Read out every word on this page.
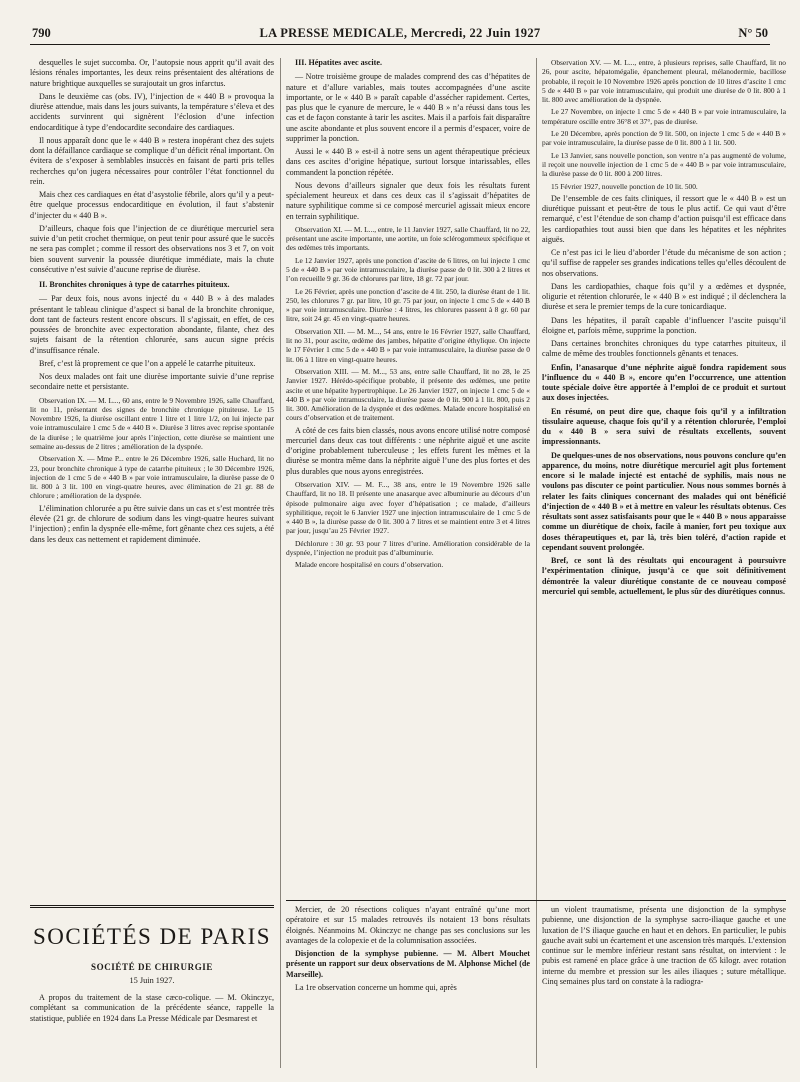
790	LA PRESSE MEDICALE, Mercredi, 22 Juin 1927	N° 50

desquelles le sujet succomba. Or, l’autopsie nous apprit qu’il avait des lésions rénales importantes, les deux reins présentaient des altérations de nature brightique auxquelles se surajoutait un gros infarctus.

Dans le deuxième cas (obs. IV), l’injection de « 440 B » provoqua la diurèse attendue, mais dans les jours suivants, la température s’éleva et des accidents survinrent qui signèrent l’éclosion d’une infection endocarditique à type d’endocardite secondaire des cardiaques.

Il nous apparaît donc que le « 440 B » restera inopérant chez des sujets dont la défaillance cardiaque se complique d’un déficit rénal important. On évitera de s’exposer à semblables insuccès en faisant de parti pris telles recherches qu’on jugera nécessaires pour contrôler l’état fonctionnel du rein.

Mais chez ces cardiaques en état d’asystolie fébrile, alors qu’il y a peut-être quelque processus endocarditique en évolution, il faut s’abstenir d’injecter du « 440 B ».

D’ailleurs, chaque fois que l’injection de ce diurétique mercuriel sera suivie d’un petit crochet thermique, on peut tenir pour assuré que le succès ne sera pas complet ; comme il ressort des observations nos 3 et 7, on voit bien souvent survenir la poussée diurétique immédiate, mais la chute consécutive n’est suivie d’aucune reprise de diurèse.

II. Bronchites chroniques à type de catarrhes pituiteux.

— Par deux fois, nous avons injecté du « 440 B » à des malades présentant le tableau clinique d’aspect si banal de la bronchite chronique, dont tant de facteurs restent encore obscurs. Il s’agissait, en effet, de ces poussées de bronchite avec expectoration abondante, filante, chez des sujets faisant de la rétention chlorurée, sans aucun signe précis d’insuffisance rénale.

Bref, c’est là proprement ce que l’on a appelé le catarrhe pituiteux.

Nos deux malades ont fait une diurèse importante suivie d’une reprise secondaire nette et persistante.

Observation IX. — M. L..., 60 ans, entre le 9 Novembre 1926, salle Chauffard, lit no 11, présentant des signes de bronchite chronique pituiteuse. Le 15 Novembre 1926, la diurèse oscillant entre 1 litre et 1 litre 1/2, on lui injecte par voie intramusculaire 1 cmc 5 de « 440 B ». Diurèse 3 litres avec reprise spontanée de la diurèse ; le quatrième jour après l’injection, cette diurèse se maintient une semaine au-dessus de 2 litres ; amélioration de la dyspnée.

Observation X. — Mme P... entre le 26 Décembre 1926, salle Huchard, lit no 23, pour bronchite chronique à type de catarrhe pituiteux ; le 30 Décembre 1926, injection de 1 cmc 5 de « 440 B » par voie intramusculaire, la diurèse passe de 0 lit. 800 à 3 lit. 100 en vingt-quatre heures, avec élimination de 21 gr. 88 de chlorure ; amélioration de la dyspnée.

L’élimination chlorurée a pu être suivie dans un cas et s’est montrée très élevée (21 gr. de chlorure de sodium dans les vingt-quatre heures suivant l’injection) ; enfin la dyspnée elle-même, fort gênante chez ces sujets, a été dans les deux cas nettement et rapidement diminuée.

III. Hépatites avec ascite.

— Notre troisième groupe de malades comprend des cas d’hépatites de nature et d’allure variables, mais toutes accompagnées d’une ascite importante, or le « 440 B » paraît capable d’assécher rapidement. Certes, pas plus que le cyanure de mercure, le « 440 B » n’a réussi dans tous les cas et de façon constante à tarir les ascites. Mais il a parfois fait disparaître une ascite abondante et plus souvent encore il a permis d’espacer, voire de supprimer la ponction.

Aussi le « 440 B » est-il à notre sens un agent thérapeutique précieux dans ces ascites d’origine hépatique, surtout lorsque intarissables, elles commandent la ponction répétée.

Nous devons d’ailleurs signaler que deux fois les résultats furent spécialement heureux et dans ces deux cas il s’agissait d’hépatites de nature syphilitique comme si ce composé mercuriel agissait mieux encore en terrain syphilitique.

Observation XI. — M. L..., entre, le 11 Janvier 1927, salle Chauffard, lit no 22, présentant une ascite importante, une aortite, un foie sclérogommeux spécifique et des œdèmes très importants.

Le 12 Janvier 1927, après une ponction d’ascite de 6 litres, on lui injecte 1 cmc 5 de « 440 B » par voie intramusculaire, la diurèse passe de 0 lit. 300 à 2 litres et l’on recueille 9 gr. 36 de chlorures par litre, 18 gr. 72 par jour.

Le 26 Février, après une ponction d’ascite de 4 lit. 250, la diurèse étant de 1 lit. 250, les chlorures 7 gr. par litre, 10 gr. 75 par jour, on injecte 1 cmc 5 de « 440 B » par voie intramusculaire. Diurèse : 4 litres, les chlorures passent à 8 gr. 60 par litre, soit 24 gr. 45 en vingt-quatre heures.

Observation XII. — M. M..., 54 ans, entre le 16 Février 1927, salle Chauffard, lit no 31, pour ascite, œdème des jambes, hépatite d’origine éthylique. On injecte le 17 Février 1 cmc 5 de « 440 B » par voie intramusculaire, la diurèse passe de 0 lit. 06 à 1 litre en vingt-quatre heures.

Observation XIII. — M. M..., 53 ans, entre salle Chauffard, lit no 28, le 25 Janvier 1927. Hérédo-spécifique probable, il présente des œdèmes, une petite ascite et une hépatite hypertrophique. Le 26 Janvier 1927, on injecte 1 cmc 5 de « 440 B » par voie intramusculaire, la diurèse passe de 0 lit. 900 à 1 lit. 800, puis 2 lit. 300. Amélioration de la dyspnée et des œdèmes. Malade encore hospitalisé en cours d’observation et de traitement.

A côté de ces faits bien classés, nous avons encore utilisé notre composé mercuriel dans deux cas tout différents : une néphrite aiguë et une ascite d’origine probablement tuberculeuse ; les effets furent les mêmes et la diurèse se montra même dans la néphrite aiguë l’une des plus fortes et des plus durables que nous ayons enregistrées.

Observation XIV. — M. F..., 38 ans, entre le 19 Novembre 1926 salle Chauffard, lit no 18. Il présente une anasarque avec albuminurie au décours d’un épisode pulmonaire aigu avec foyer d’hépatisation ; ce malade, d’ailleurs syphilitique, reçoit le 6 Janvier 1927 une injection intramusculaire de 1 cmc 5 de « 440 B », la diurèse passe de 0 lit. 300 à 7 litres et se maintient entre 3 et 4 litres par jour, jusqu’au 25 Février 1927.

Déchlorure : 30 gr. 93 pour 7 litres d’urine. Amélioration considérable de la dyspnée, l’injection ne produit pas d’albuminurie.

Malade encore hospitalisé en cours d’observation.

Observation XV. — M. L..., entre, à plusieurs reprises, salle Chauffard, lit no 26, pour ascite, hépatomégalie, épanchement pleural, mélanodermie, bacillose probable, il reçoit le 10 Novembre 1926 après ponction de 10 litres d’ascite 1 cmc 5 de « 440 B » par voie intramusculaire, qui produit une diurèse de 0 lit. 800 à 1 lit. 800 avec amélioration de la dyspnée.

Le 27 Novembre, on injecte 1 cmc 5 de « 440 B » par voie intramusculaire, la température oscille entre 36°8 et 37°, pas de diurèse.

Le 20 Décembre, après ponction de 9 lit. 500, on injecte 1 cmc 5 de « 440 B » par voie intramusculaire, la diurèse passe de 0 lit. 800 à 1 lit. 500.

Le 13 Janvier, sans nouvelle ponction, son ventre n’a pas augmenté de volume, il reçoit une nouvelle injection de 1 cmc 5 de « 440 B » par voie intramusculaire, la diurèse passe de 0 lit. 800 à 200 litres.

15 Février 1927, nouvelle ponction de 10 lit. 500.

De l’ensemble de ces faits cliniques, il ressort que le « 440 B » est un diurétique puissant et peut-être de tous le plus actif. Ce qui vaut d’être remarqué, c’est l’étendue de son champ d’action puisqu’il est efficace dans les cardiopathies tout aussi bien que dans les hépatites et les néphrites aiguës.

Ce n’est pas ici le lieu d’aborder l’étude du mécanisme de son action ; qu’il suffise de rappeler ses grandes indications telles qu’elles découlent de nos observations.

Dans les cardiopathies, chaque fois qu’il y a œdèmes et dyspnée, oligurie et rétention chlorurée, le « 440 B » est indiqué ; il déclenchera la diurèse et sera le premier temps de la cure tonicardiaque.

Dans les hépatites, il paraît capable d’influencer l’ascite puisqu’il éloigne et, parfois même, supprime la ponction.

Dans certaines bronchites chroniques du type catarrhes pituiteux, il calme de même des troubles fonctionnels gênants et tenaces.

Enfin, l’anasarque d’une néphrite aiguë fondra rapidement sous l’influence du « 440 B », encore qu’en l’occurrence, une attention toute spéciale doive être apportée à l’emploi de ce produit et surtout aux doses injectées.

En résumé, on peut dire que, chaque fois qu’il y a infiltration tissulaire aqueuse, chaque fois qu’il y a rétention chlorurée, l’emploi du « 440 B » sera suivi de résultats excellents, souvent impressionnants.

De quelques-unes de nos observations, nous pouvons conclure qu’en apparence, du moins, notre diurétique mercuriel agit plus fortement encore si le malade injecté est entaché de syphilis, mais nous ne voulons pas discuter ce point particulier. Nous nous sommes bornés à relater les faits cliniques concernant des malades qui ont bénéficié d’injection de « 440 B » et à mettre en valeur les résultats obtenus. Ces résultats sont assez satisfaisants pour que le « 440 B » nous apparaisse comme un diurétique de choix, facile à manier, fort peu toxique aux doses thérapeutiques et, par là, très bien toléré, d’action rapide et cependant souvent prolongée.

Bref, ce sont là des résultats qui encouragent à poursuivre l’expérimentation clinique, jusqu’à ce que soit définitivement démontrée la valeur diurétique constante de ce nouveau composé mercuriel qui semble, actuellement, le plus sûr des diurétiques connus.

SOCIÉTÉS DE PARIS
SOCIÉTÉ DE CHIRURGIE
15 Juin 1927.

A propos du traitement de la stase cæco-colique. — M. Okinczyc, complétant sa communication de la précédente séance, rappelle la statistique, publiée en 1924 dans La Presse Médicale par Desmarest et

Mercier, de 20 résections coliques n’ayant entraîné qu’une mort opératoire et sur 15 malades retrouvés ils notaient 13 bons résultats éloignés. Néanmoins M. Okinczyc ne change pas ses conclusions sur les avantages de la colopexie et de la columnisation associées.

Disjonction de la symphyse pubienne. — M. Albert Mouchet présente un rapport sur deux observations de M. Alphonse Michel (de Marseille).

La 1re observation concerne un homme qui, après

un violent traumatisme, présenta une disjonction de la symphyse pubienne, une disjonction de la symphyse sacro-iliaque gauche et une luxation de l’S iliaque gauche en haut et en dehors. En particulier, le pubis gauche avait subi un écartement et une ascension très marqués. L’extension continue sur le membre inférieur restant sans résultat, on intervient : le pubis est ramené en place grâce à une traction de 65 kilogr. avec rotation interne du membre et pression sur les ailes iliaques ; suture métallique. Cinq semaines plus tard on constate à la radiogra-
